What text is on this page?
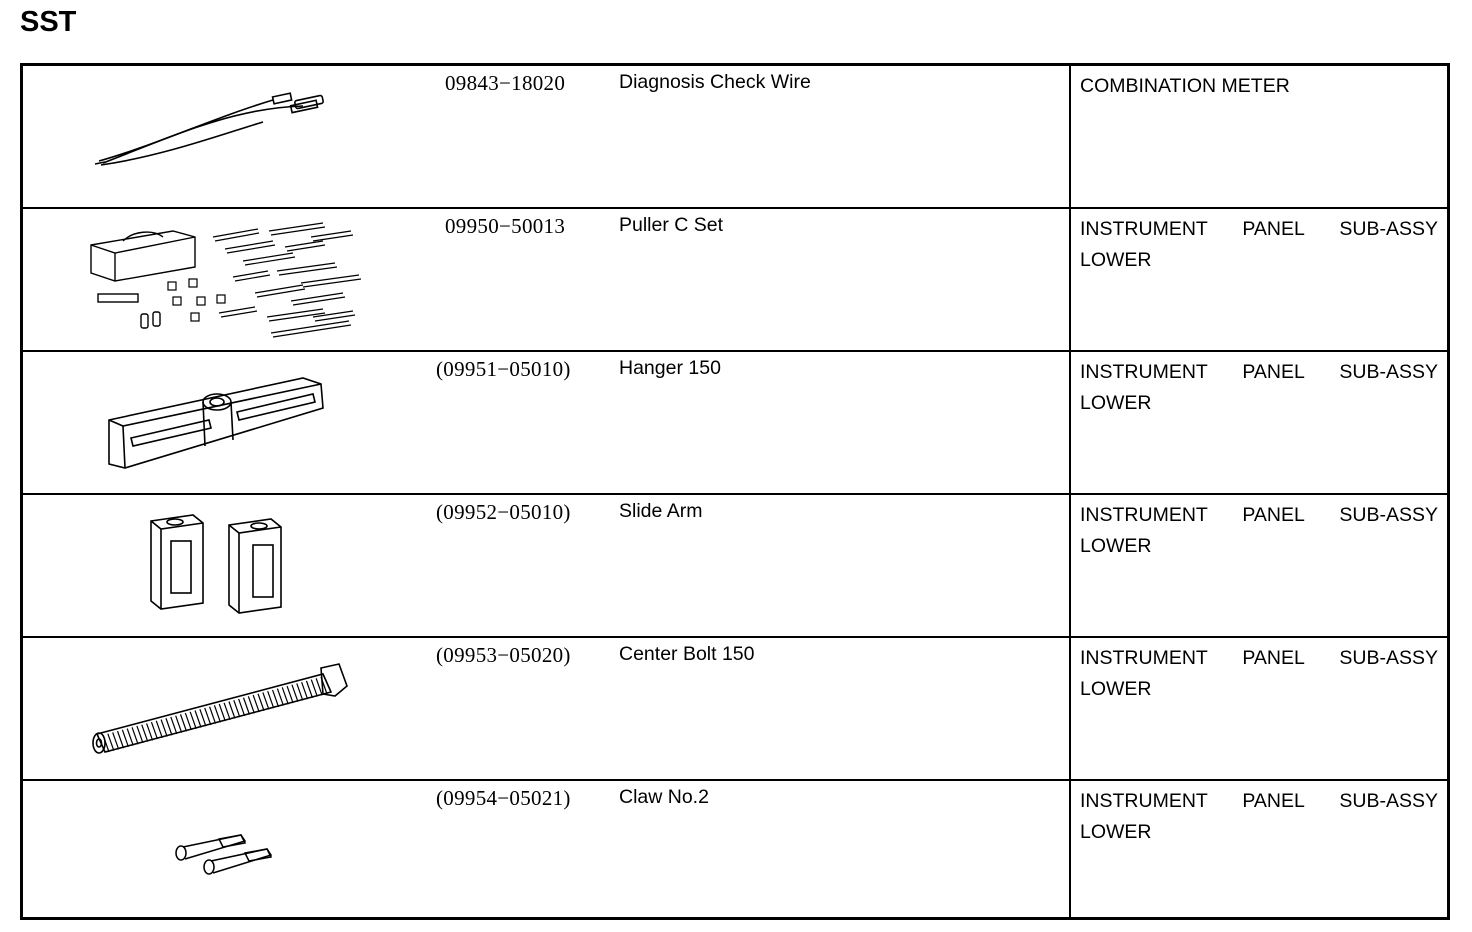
SST
09843−18020	Diagnosis Check Wire	COMBINATION METER
09950−50013	Puller C Set	INSTRUMENT PANEL SUB-ASSY
LOWER
(09951−05010) Hanger 150	INSTRUMENT PANEL SUB-ASSY
LOWER
(09952−05010) Slide Arm	INSTRUMENT PANEL SUB-ASSY
LOWER
(09953−05020) Center Bolt 150	INSTRUMENT PANEL SUB-ASSY
LOWER
(09954−05021) Claw No.2	INSTRUMENT PANEL SUB-ASSY
LOWER
